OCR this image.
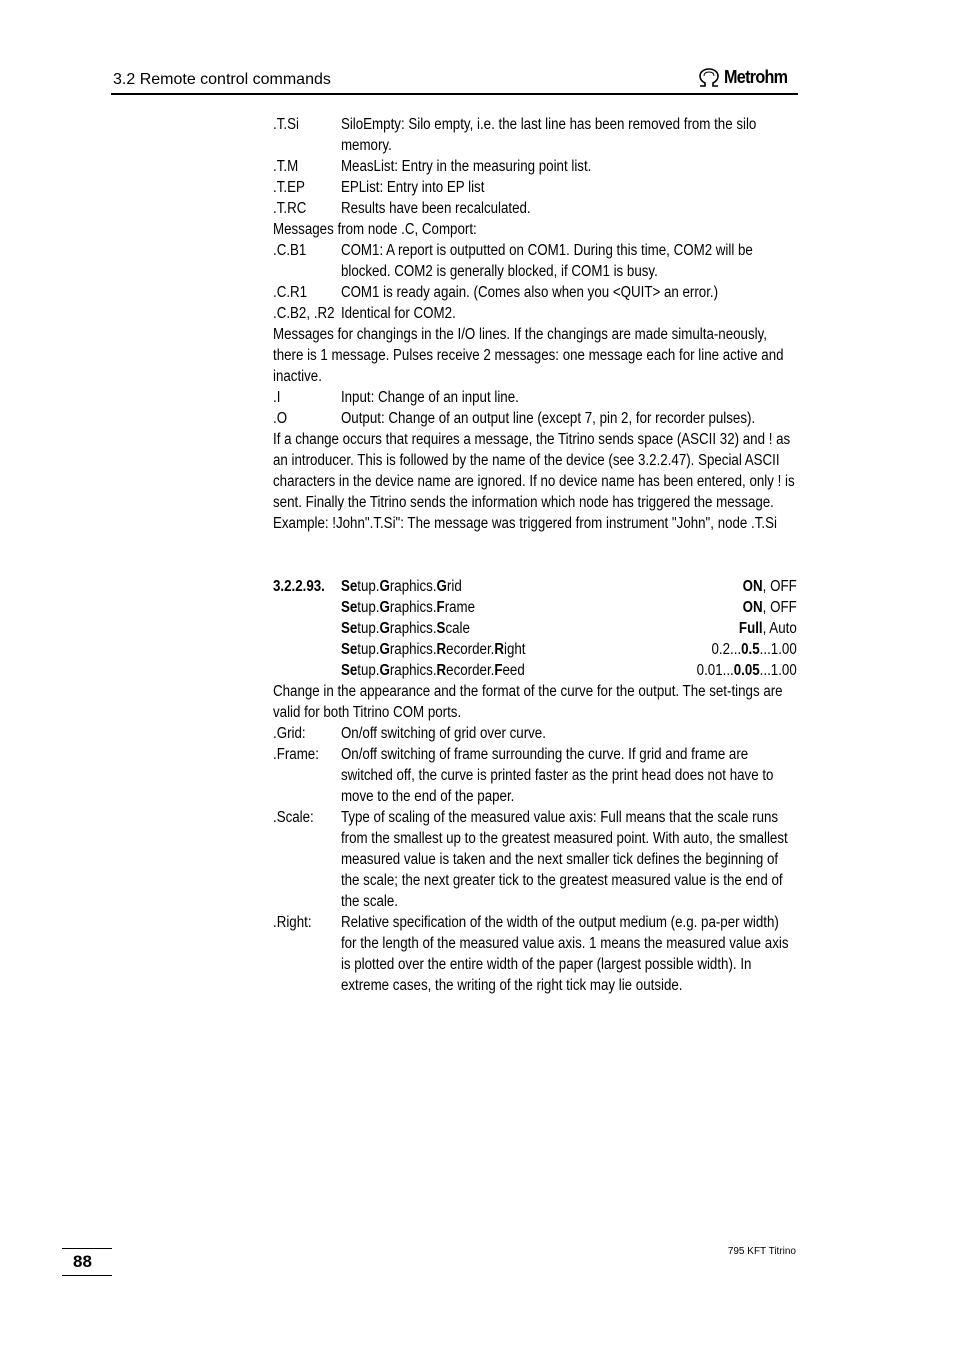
3.2 Remote control commands	Metrohm
.T.Si	SiloEmpty: Silo empty, i.e. the last line has been removed from the silo memory.
.T.M	MeasList: Entry in the measuring point list.
.T.EP	EPList: Entry into EP list
.T.RC	Results have been recalculated.
Messages from node .C, Comport:
.C.B1	COM1: A report is outputted on COM1. During this time, COM2 will be blocked. COM2 is generally blocked, if COM1 is busy.
.C.R1	COM1 is ready again. (Comes also when you <QUIT> an error.)
.C.B2, .R2 Identical for COM2.
Messages for changings in the I/O lines. If the changings are made simulta-neously, there is 1 message. Pulses receive 2 messages: one message each for line active and inactive.
.I	Input: Change of an input line.
.O	Output: Change of an output line (except 7, pin 2, for recorder pulses).
If a change occurs that requires a message, the Titrino sends space (ASCII 32) and ! as an introducer. This is followed by the name of the device (see 3.2.2.47). Special ASCII characters in the device name are ignored. If no device name has been entered, only ! is sent. Finally the Titrino sends the information which node has triggered the message.
Example: !John".T.Si": The message was triggered from instrument "John", node .T.Si
3.2.2.93.	Setup.Graphics.Grid	ON, OFF
Setup.Graphics.Frame	ON, OFF
Setup.Graphics.Scale	Full, Auto
Setup.Graphics.Recorder.Right	0.2...0.5...1.00
Setup.Graphics.Recorder.Feed	0.01...0.05...1.00
Change in the appearance and the format of the curve for the output. The set-tings are valid for both Titrino COM ports.
.Grid:	On/off switching of grid over curve.
.Frame:	On/off switching of frame surrounding the curve. If grid and frame are switched off, the curve is printed faster as the print head does not have to move to the end of the paper.
.Scale:	Type of scaling of the measured value axis: Full means that the scale runs from the smallest up to the greatest measured point. With auto, the smallest measured value is taken and the next smaller tick defines the beginning of the scale; the next greater tick to the greatest measured value is the end of the scale.
.Right:	Relative specification of the width of the output medium (e.g. pa-per width) for the length of the measured value axis. 1 means the measured value axis is plotted over the entire width of the paper (largest possible width). In extreme cases, the writing of the right tick may lie outside.
88
795 KFT Titrino
